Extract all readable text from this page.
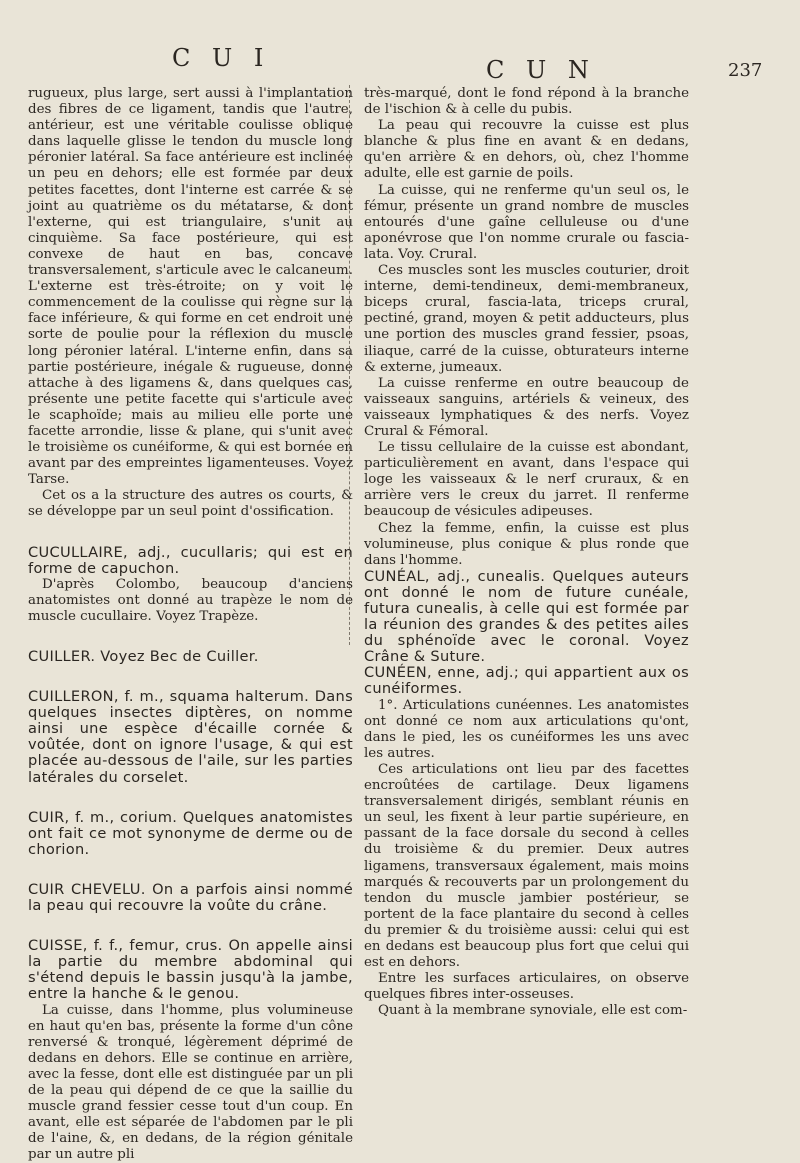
C U I	C U N	237

rugueux, plus large, sert aussi à l'implantation des fibres de ce ligament, tandis que l'autre, antérieur, est une véritable coulisse oblique dans laquelle glisse le tendon du muscle long péronier latéral. Sa face antérieure est inclinée un peu en dehors; elle est formée par deux petites facettes, dont l'interne est carrée & se joint au quatrième os du métatarse, & dont l'externe, qui est triangulaire, s'unit au cinquième. Sa face postérieure, qui est convexe de haut en bas, concave transversalement, s'articule avec le calcaneum. L'externe est très-étroite; on y voit le commencement de la coulisse qui règne sur la face inférieure, & qui forme en cet endroit une sorte de poulie pour la réflexion du muscle long péronier latéral. L'interne enfin, dans sa partie postérieure, inégale & rugueuse, donne attache à des ligamens &, dans quelques cas, présente une petite facette qui s'articule avec le scaphoïde; mais au milieu elle porte une facette arrondie, lisse & plane, qui s'unit avec le troisième os cunéiforme, & qui est bornée en avant par des empreintes ligamenteuses. Voyez Tarse.

Cet os a la structure des autres os courts, & se développe par un seul point d'ossification.

CUCULLAIRE, adj., cucullaris; qui est en forme de capuchon.

D'après Colombo, beaucoup d'anciens anatomistes ont donné au trapèze le nom de muscle cucullaire. Voyez Trapèze.

CUILLER. Voyez Bec de Cuiller.

CUILLERON, f. m., squama halterum. Dans quelques insectes diptères, on nomme ainsi une espèce d'écaille cornée & voûtée, dont on ignore l'usage, & qui est placée au-dessous de l'aile, sur les parties latérales du corselet.

CUIR, f. m., corium. Quelques anatomistes ont fait ce mot synonyme de derme ou de chorion.

CUIR CHEVELU. On a parfois ainsi nommé la peau qui recouvre la voûte du crâne.

CUISSE, f. f., femur, crus. On appelle ainsi la partie du membre abdominal qui s'étend depuis le bassin jusqu'à la jambe, entre la hanche & le genou.

La cuisse, dans l'homme, plus volumineuse en haut qu'en bas, présente la forme d'un cône renversé & tronqué, légèrement déprimé de dedans en dehors. Elle se continue en arrière, avec la fesse, dont elle est distinguée par un pli de la peau qui dépend de ce que la saillie du muscle grand fessier cesse tout d'un coup. En avant, elle est séparée de l'abdomen par le pli de l'aine, &, en dedans, de la région génitale par un autre pli

très-marqué, dont le fond répond à la branche de l'ischion & à celle du pubis.

La peau qui recouvre la cuisse est plus blanche & plus fine en avant & en dedans, qu'en arrière & en dehors, où, chez l'homme adulte, elle est garnie de poils.

La cuisse, qui ne renferme qu'un seul os, le fémur, présente un grand nombre de muscles entourés d'une gaîne celluleuse ou d'une aponévrose que l'on nomme crurale ou fascia-lata. Voy. Crural.

Ces muscles sont les muscles couturier, droit interne, demi-tendineux, demi-membraneux, biceps crural, fascia-lata, triceps crural, pectiné, grand, moyen & petit adducteurs, plus une portion des muscles grand fessier, psoas, iliaque, carré de la cuisse, obturateurs interne & externe, jumeaux.

La cuisse renferme en outre beaucoup de vaisseaux sanguins, artériels & veineux, des vaisseaux lymphatiques & des nerfs. Voyez Crural & Fémoral.

Le tissu cellulaire de la cuisse est abondant, particulièrement en avant, dans l'espace qui loge les vaisseaux & le nerf cruraux, & en arrière vers le creux du jarret. Il renferme beaucoup de vésicules adipeuses.

Chez la femme, enfin, la cuisse est plus volumineuse, plus conique & plus ronde que dans l'homme.

CUNÉAL, adj., cunealis. Quelques auteurs ont donné le nom de future cunéale, futura cunealis, à celle qui est formée par la réunion des grandes & des petites ailes du sphénoïde avec le coronal. Voyez Crâne & Suture.

CUNÉEN, enne, adj.; qui appartient aux os cunéiformes.

1°. Articulations cunéennes. Les anatomistes ont donné ce nom aux articulations qu'ont, dans le pied, les os cunéiformes les uns avec les autres.

Ces articulations ont lieu par des facettes encroûtées de cartilage. Deux ligamens transversalement dirigés, semblant réunis en un seul, les fixent à leur partie supérieure, en passant de la face dorsale du second à celles du troisième & du premier. Deux autres ligamens, transversaux également, mais moins marqués & recouverts par un prolongement du tendon du muscle jambier postérieur, se portent de la face plantaire du second à celles du premier & du troisième aussi: celui qui est en dedans est beaucoup plus fort que celui qui est en dehors.

Entre les surfaces articulaires, on observe quelques fibres inter-osseuses.

Quant à la membrane synoviale, elle est com-
